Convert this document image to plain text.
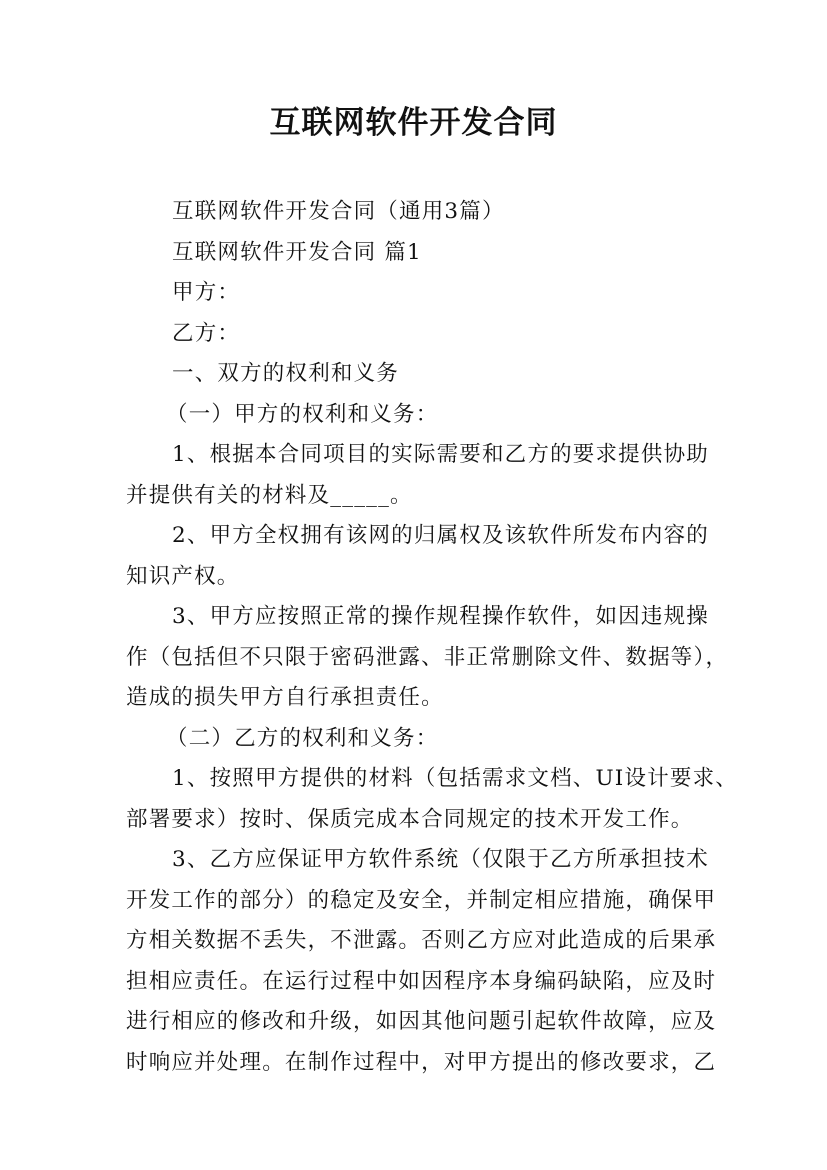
互联网软件开发合同

互联网软件开发合同（通用3篇）

互联网软件开发合同 篇1

甲方：

乙方：

一、双方的权利和义务

（一）甲方的权利和义务：

1、根据本合同项目的实际需要和乙方的要求提供协助

并提供有关的材料及_____。

2、甲方全权拥有该网的归属权及该软件所发布内容的

知识产权。

3、甲方应按照正常的操作规程操作软件，如因违规操

作（包括但不只限于密码泄露、非正常删除文件、数据等），

造成的损失甲方自行承担责任。

（二）乙方的权利和义务：

1、按照甲方提供的材料（包括需求文档、UI设计要求、

部署要求）按时、保质完成本合同规定的技术开发工作。

3、乙方应保证甲方软件系统（仅限于乙方所承担技术

开发工作的部分）的稳定及安全，并制定相应措施，确保甲

方相关数据不丢失，不泄露。否则乙方应对此造成的后果承

担相应责任。在运行过程中如因程序本身编码缺陷，应及时

进行相应的修改和升级，如因其他问题引起软件故障，应及

时响应并处理。在制作过程中，对甲方提出的修改要求，乙
